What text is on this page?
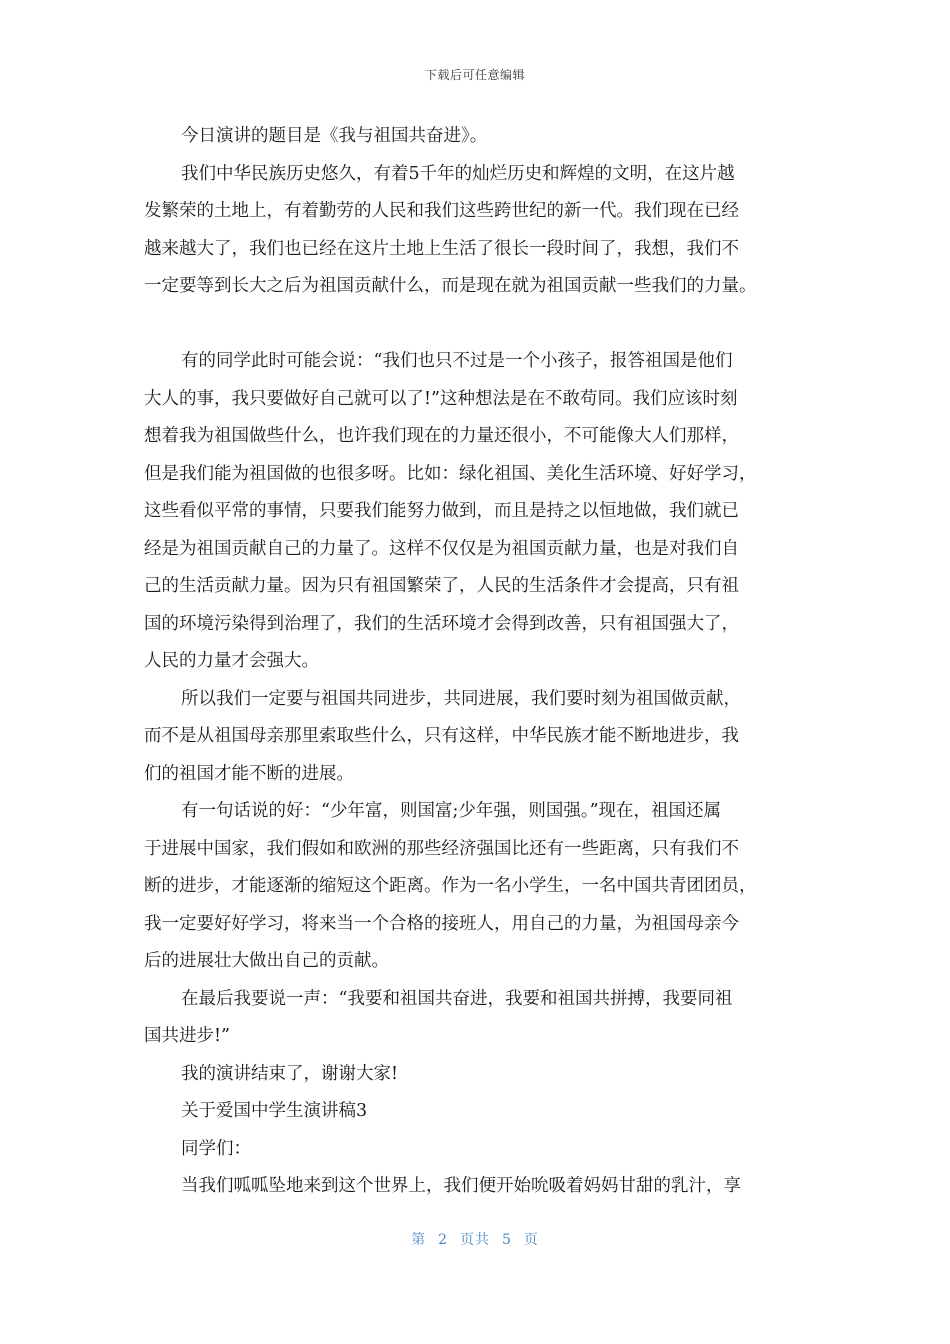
下载后可任意编辑
今日演讲的题目是《我与祖国共奋进》。
我们中华民族历史悠久，有着5千年的灿烂历史和辉煌的文明，在这片越
发繁荣的土地上，有着勤劳的人民和我们这些跨世纪的新一代。我们现在已经
越来越大了，我们也已经在这片土地上生活了很长一段时间了，我想，我们不
一定要等到长大之后为祖国贡献什么，而是现在就为祖国贡献一些我们的力量。
有的同学此时可能会说：“我们也只不过是一个小孩子，报答祖国是他们
大人的事，我只要做好自己就可以了!”这种想法是在不敢苟同。我们应该时刻
想着我为祖国做些什么，也许我们现在的力量还很小，不可能像大人们那样，
但是我们能为祖国做的也很多呀。比如：绿化祖国、美化生活环境、好好学习，
这些看似平常的事情，只要我们能努力做到，而且是持之以恒地做，我们就已
经是为祖国贡献自己的力量了。这样不仅仅是为祖国贡献力量，也是对我们自
己的生活贡献力量。因为只有祖国繁荣了，人民的生活条件才会提高，只有祖
国的环境污染得到治理了，我们的生活环境才会得到改善，只有祖国强大了，
人民的力量才会强大。
所以我们一定要与祖国共同进步，共同进展，我们要时刻为祖国做贡献，
而不是从祖国母亲那里索取些什么，只有这样，中华民族才能不断地进步，我
们的祖国才能不断的进展。
有一句话说的好：“少年富，则国富;少年强，则国强。”现在，祖国还属
于进展中国家，我们假如和欧洲的那些经济强国比还有一些距离，只有我们不
断的进步，才能逐渐的缩短这个距离。作为一名小学生，一名中国共青团团员，
我一定要好好学习，将来当一个合格的接班人，用自己的力量，为祖国母亲今
后的进展壮大做出自己的贡献。
在最后我要说一声：“我要和祖国共奋进，我要和祖国共拼搏，我要同祖
国共进步!”
我的演讲结束了，谢谢大家!
关于爱国中学生演讲稿3
同学们：
当我们呱呱坠地来到这个世界上，我们便开始吮吸着妈妈甘甜的乳汁，享
第 2 页共 5 页
